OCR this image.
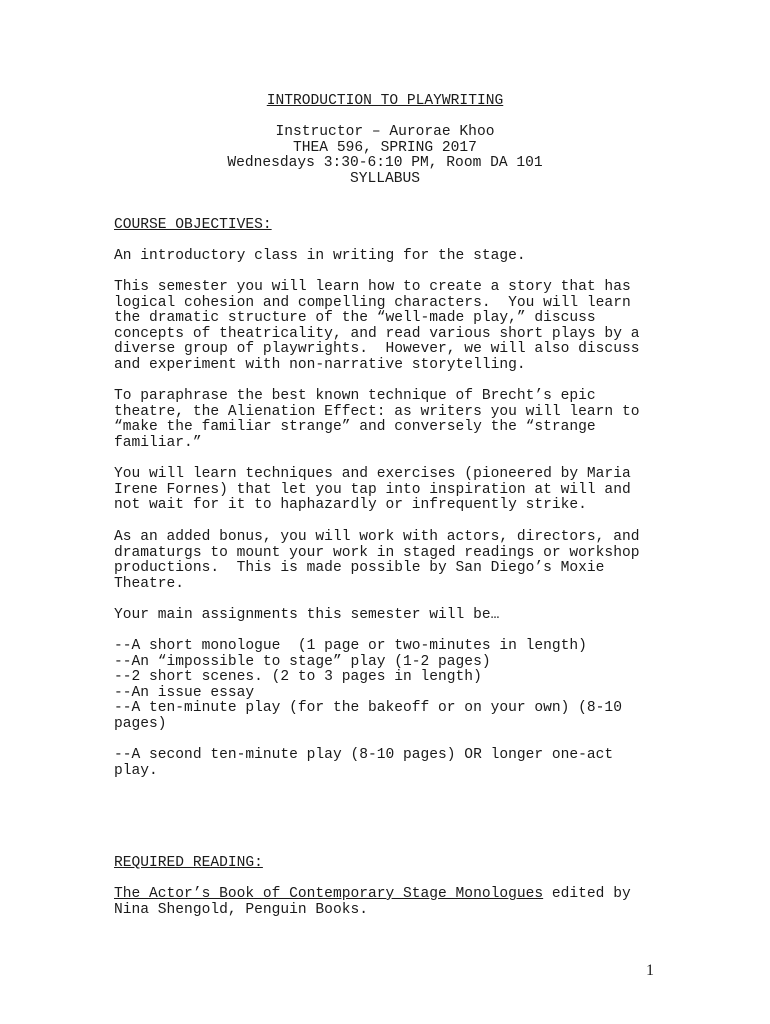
INTRODUCTION TO PLAYWRITING
Instructor – Aurorae Khoo
THEA 596, SPRING 2017
Wednesdays 3:30-6:10 PM, Room DA 101
SYLLABUS
COURSE OBJECTIVES:
An introductory class in writing for the stage.
This semester you will learn how to create a story that has
logical cohesion and compelling characters.  You will learn
the dramatic structure of the “well-made play,” discuss
concepts of theatricality, and read various short plays by a
diverse group of playwrights.  However, we will also discuss
and experiment with non-narrative storytelling.
To paraphrase the best known technique of Brecht’s epic
theatre, the Alienation Effect: as writers you will learn to
“make the familiar strange” and conversely the “strange
familiar.”
You will learn techniques and exercises (pioneered by Maria
Irene Fornes) that let you tap into inspiration at will and
not wait for it to haphazardly or infrequently strike.
As an added bonus, you will work with actors, directors, and
dramaturgs to mount your work in staged readings or workshop
productions.  This is made possible by San Diego’s Moxie
Theatre.
Your main assignments this semester will be…
--A short monologue  (1 page or two-minutes in length)
--An “impossible to stage” play (1-2 pages)
--2 short scenes. (2 to 3 pages in length)
--An issue essay
--A ten-minute play (for the bakeoff or on your own) (8-10
pages)
--A second ten-minute play (8-10 pages) OR longer one-act
play.
REQUIRED READING:
The Actor’s Book of Contemporary Stage Monologues edited by
Nina Shengold, Penguin Books.
1
